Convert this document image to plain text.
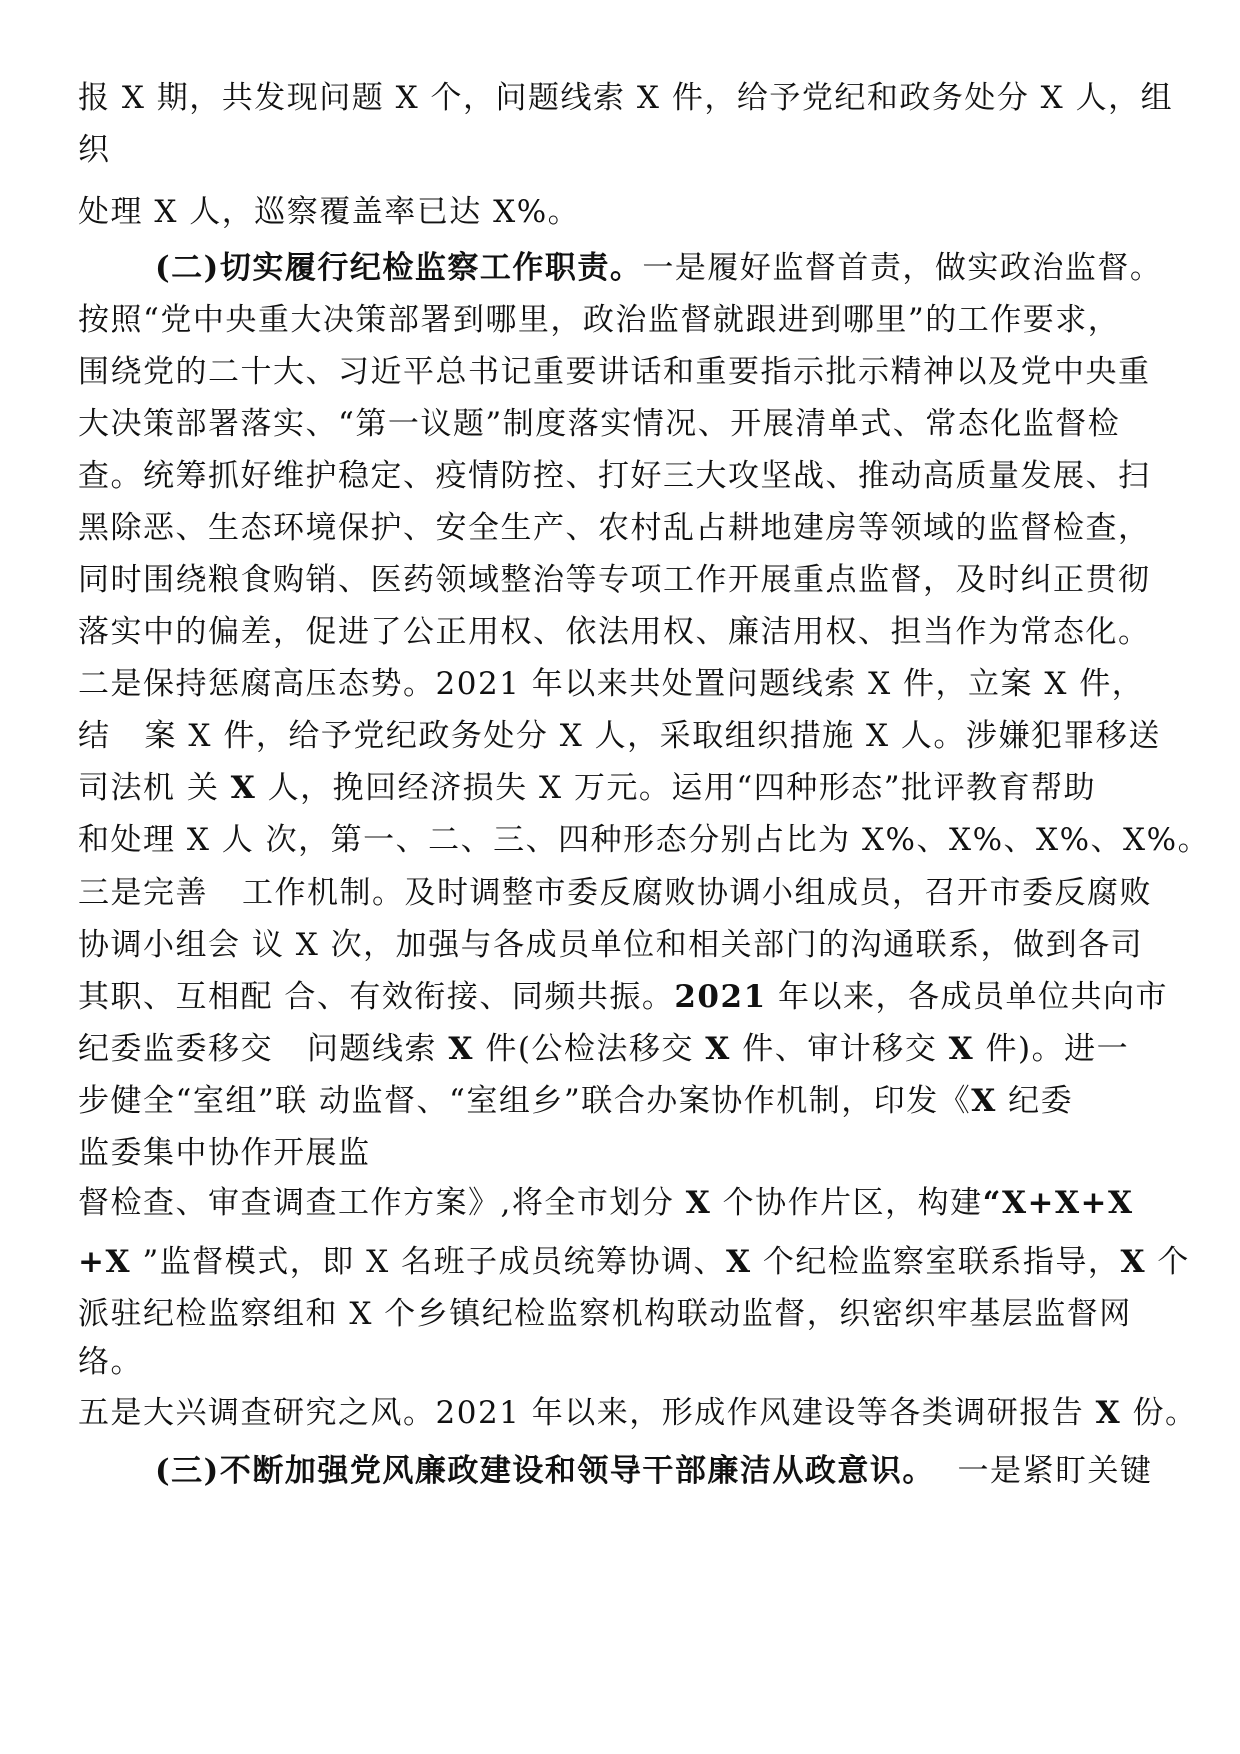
报 X 期，共发现问题 X 个，问题线索 X 件，给予党纪和政务处分 X 人，组
织
处理 X 人，巡察覆盖率已达 X%。
(二)切实履行纪检监察工作职责。一是履好监督首责，做实政治监督。
按照“党中央重大决策部署到哪里，政治监督就跟进到哪里”的工作要求，
围绕党的二十大、习近平总书记重要讲话和重要指示批示精神以及党中央重
大决策部署落实、“第一议题”制度落实情况、开展清单式、常态化监督检
查。统筹抓好维护稳定、疫情防控、打好三大攻坚战、推动高质量发展、扫
黑除恶、生态环境保护、安全生产、农村乱占耕地建房等领域的监督检查，
同时围绕粮食购销、医药领域整治等专项工作开展重点监督，及时纠正贯彻
落实中的偏差，促进了公正用权、依法用权、廉洁用权、担当作为常态化。
二是保持惩腐高压态势。2021 年以来共处置问题线索 X 件，立案 X 件，
结   案 X 件，给予党纪政务处分 X 人，采取组织措施 X 人。涉嫌犯罪移送
司法机 关 X 人，挽回经济损失 X 万元。运用“四种形态”批评教育帮助
和处理 X 人 次，第一、二、三、四种形态分别占比为 X%、X%、X%、X%。
三是完善   工作机制。及时调整市委反腐败协调小组成员，召开市委反腐败
协调小组会 议 X 次，加强与各成员单位和相关部门的沟通联系，做到各司
其职、互相配 合、有效衔接、同频共振。2021 年以来，各成员单位共向市
纪委监委移交   问题线索 X 件(公检法移交 X 件、审计移交 X 件)。进一
步健全“室组”联 动监督、“室组乡”联合办案协作机制，印发《X 纪委
监委集中协作开展监
督检查、审查调查工作方案》,将全市划分 X 个协作片区，构建“X+X+X
+X ”监督模式，即 X 名班子成员统筹协调、X 个纪检监察室联系指导，X 个
派驻纪检监察组和 X 个乡镇纪检监察机构联动监督，织密织牢基层监督网
络。
五是大兴调查研究之风。2021 年以来，形成作风建设等各类调研报告 X 份。
(三)不断加强党风廉政建设和领导干部廉洁从政意识。  一是紧盯关键
